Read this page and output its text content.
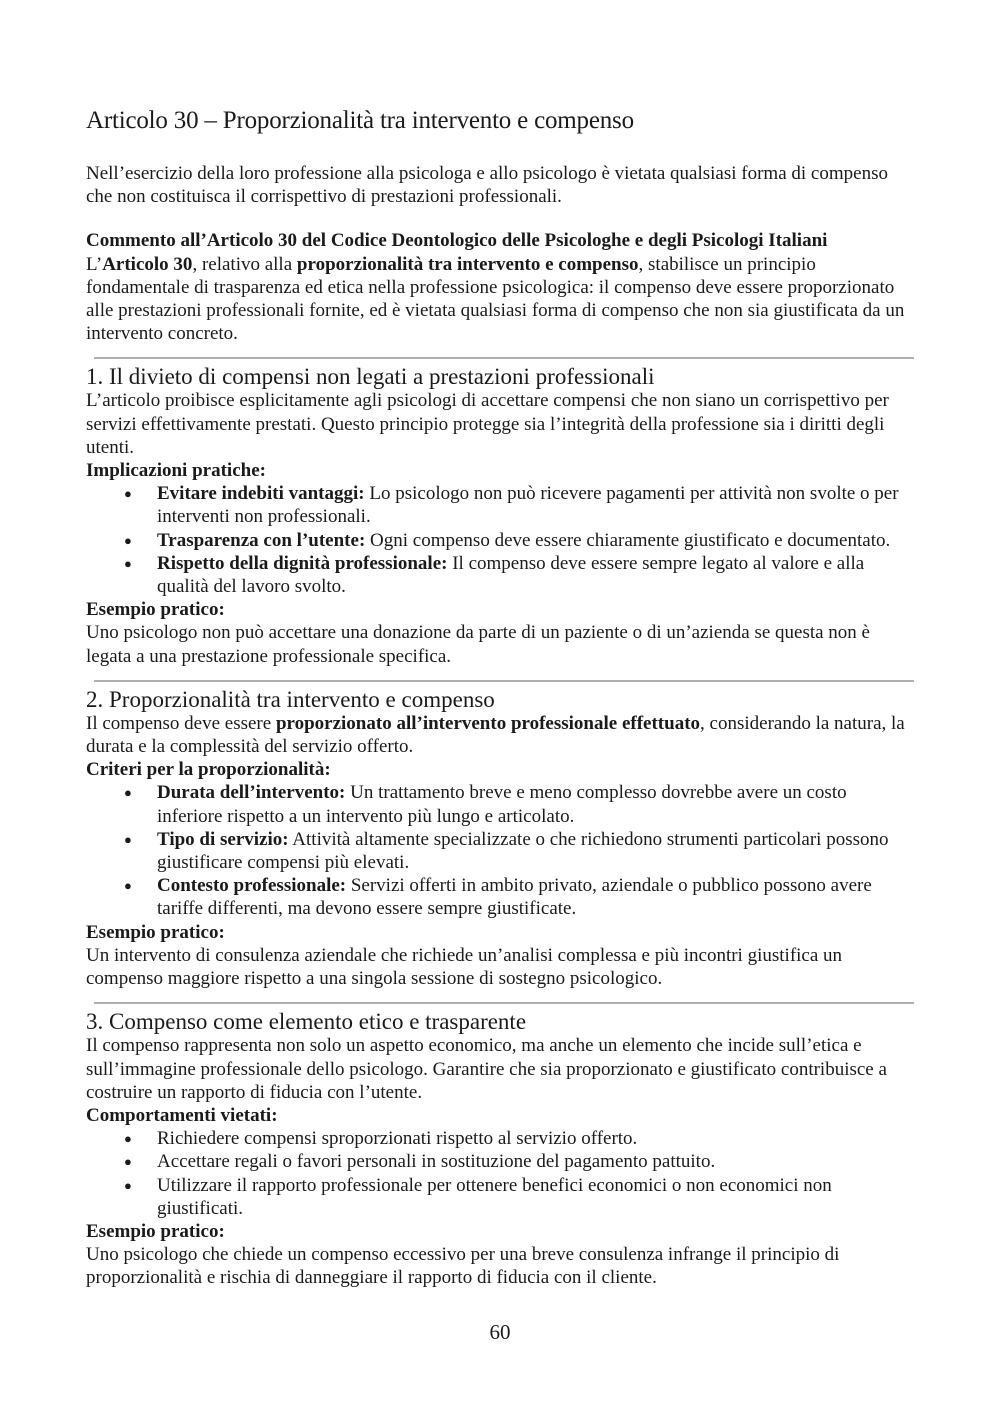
Articolo 30 – Proporzionalità tra intervento e compenso

Nell’esercizio della loro professione alla psicologa e allo psicologo è vietata qualsiasi forma di compenso che non costituisca il corrispettivo di prestazioni professionali.

Commento all’Articolo 30 del Codice Deontologico delle Psicologhe e degli Psicologi Italiani

L’Articolo 30, relativo alla proporzionalità tra intervento e compenso, stabilisce un principio fondamentale di trasparenza ed etica nella professione psicologica: il compenso deve essere proporzionato alle prestazioni professionali fornite, ed è vietata qualsiasi forma di compenso che non sia giustificata da un intervento concreto.

1. Il divieto di compensi non legati a prestazioni professionali

L’articolo proibisce esplicitamente agli psicologi di accettare compensi che non siano un corrispettivo per servizi effettivamente prestati. Questo principio protegge sia l’integrità della professione sia i diritti degli utenti.

Implicazioni pratiche:
● Evitare indebiti vantaggi: Lo psicologo non può ricevere pagamenti per attività non svolte o per interventi non professionali.
● Trasparenza con l’utente: Ogni compenso deve essere chiaramente giustificato e documentato.
● Rispetto della dignità professionale: Il compenso deve essere sempre legato al valore e alla qualità del lavoro svolto.
Esempio pratico:

Uno psicologo non può accettare una donazione da parte di un paziente o di un’azienda se questa non è legata a una prestazione professionale specifica.

2. Proporzionalità tra intervento e compenso

Il compenso deve essere proporzionato all’intervento professionale effettuato, considerando la natura, la durata e la complessità del servizio offerto.

Criteri per la proporzionalità:
● Durata dell’intervento: Un trattamento breve e meno complesso dovrebbe avere un costo inferiore rispetto a un intervento più lungo e articolato.
● Tipo di servizio: Attività altamente specializzate o che richiedono strumenti particolari possono giustificare compensi più elevati.
● Contesto professionale: Servizi offerti in ambito privato, aziendale o pubblico possono avere tariffe differenti, ma devono essere sempre giustificate.
Esempio pratico:

Un intervento di consulenza aziendale che richiede un’analisi complessa e più incontri giustifica un compenso maggiore rispetto a una singola sessione di sostegno psicologico.

3. Compenso come elemento etico e trasparente

Il compenso rappresenta non solo un aspetto economico, ma anche un elemento che incide sull’etica e sull’immagine professionale dello psicologo. Garantire che sia proporzionato e giustificato contribuisce a costruire un rapporto di fiducia con l’utente.

Comportamenti vietati:
● Richiedere compensi sproporzionati rispetto al servizio offerto.
● Accettare regali o favori personali in sostituzione del pagamento pattuito.
● Utilizzare il rapporto professionale per ottenere benefici economici o non economici non giustificati.
Esempio pratico:

Uno psicologo che chiede un compenso eccessivo per una breve consulenza infrange il principio di proporzionalità e rischia di danneggiare il rapporto di fiducia con il cliente.

60
